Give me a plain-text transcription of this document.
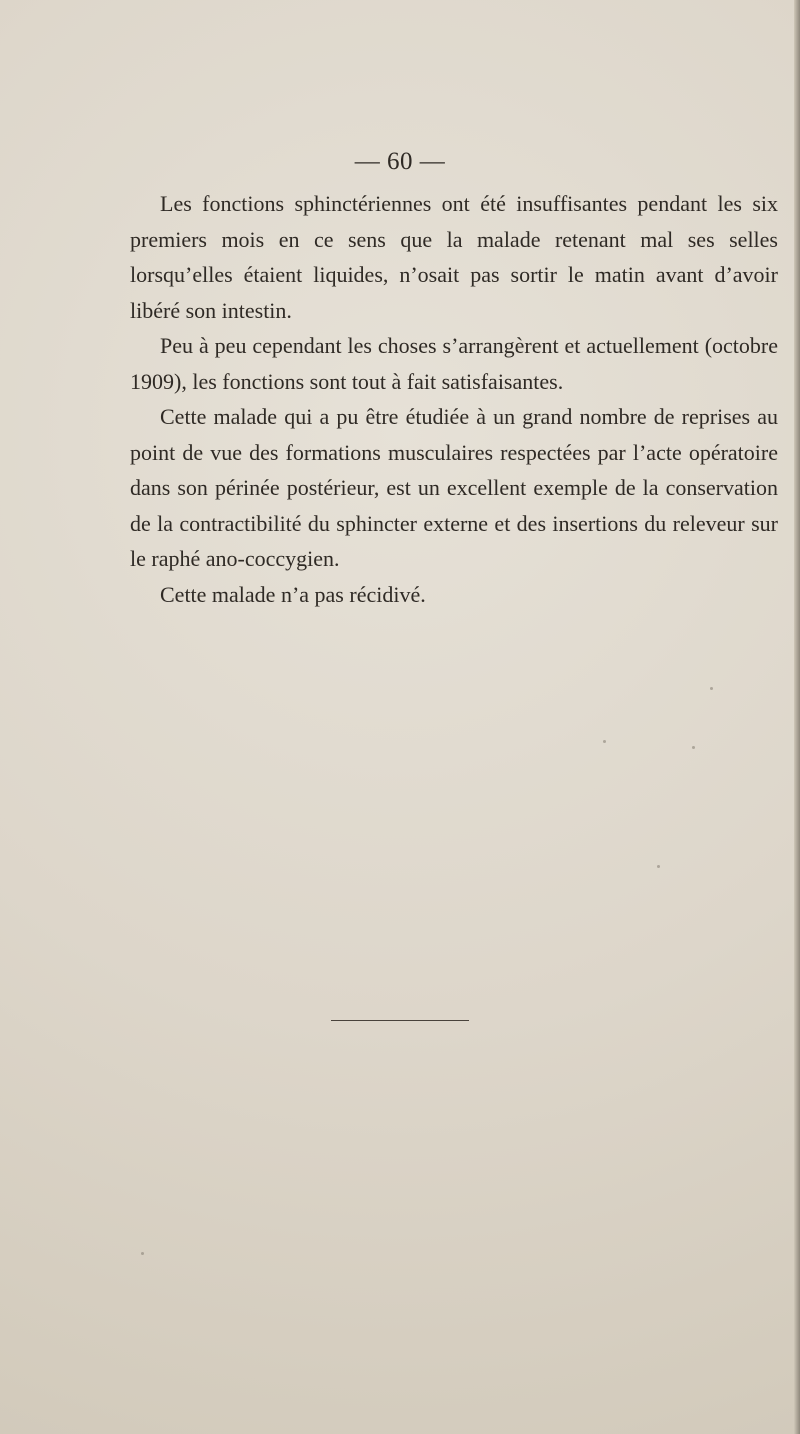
— 60 —

Les fonctions sphinctériennes ont été insuffisantes pendant les six premiers mois en ce sens que la malade retenant mal ses selles lorsqu’elles étaient liquides, n’osait pas sortir le matin avant d’avoir libéré son intestin.

Peu à peu cependant les choses s’arrangèrent et actuellement (octobre 1909), les fonctions sont tout à fait satisfaisantes.

Cette malade qui a pu être étudiée à un grand nombre de reprises au point de vue des formations musculaires respectées par l’acte opératoire dans son périnée postérieur, est un excellent exemple de la conservation de la contractibilité du sphincter externe et des insertions du releveur sur le raphé ano-coccygien.

Cette malade n’a pas récidivé.
